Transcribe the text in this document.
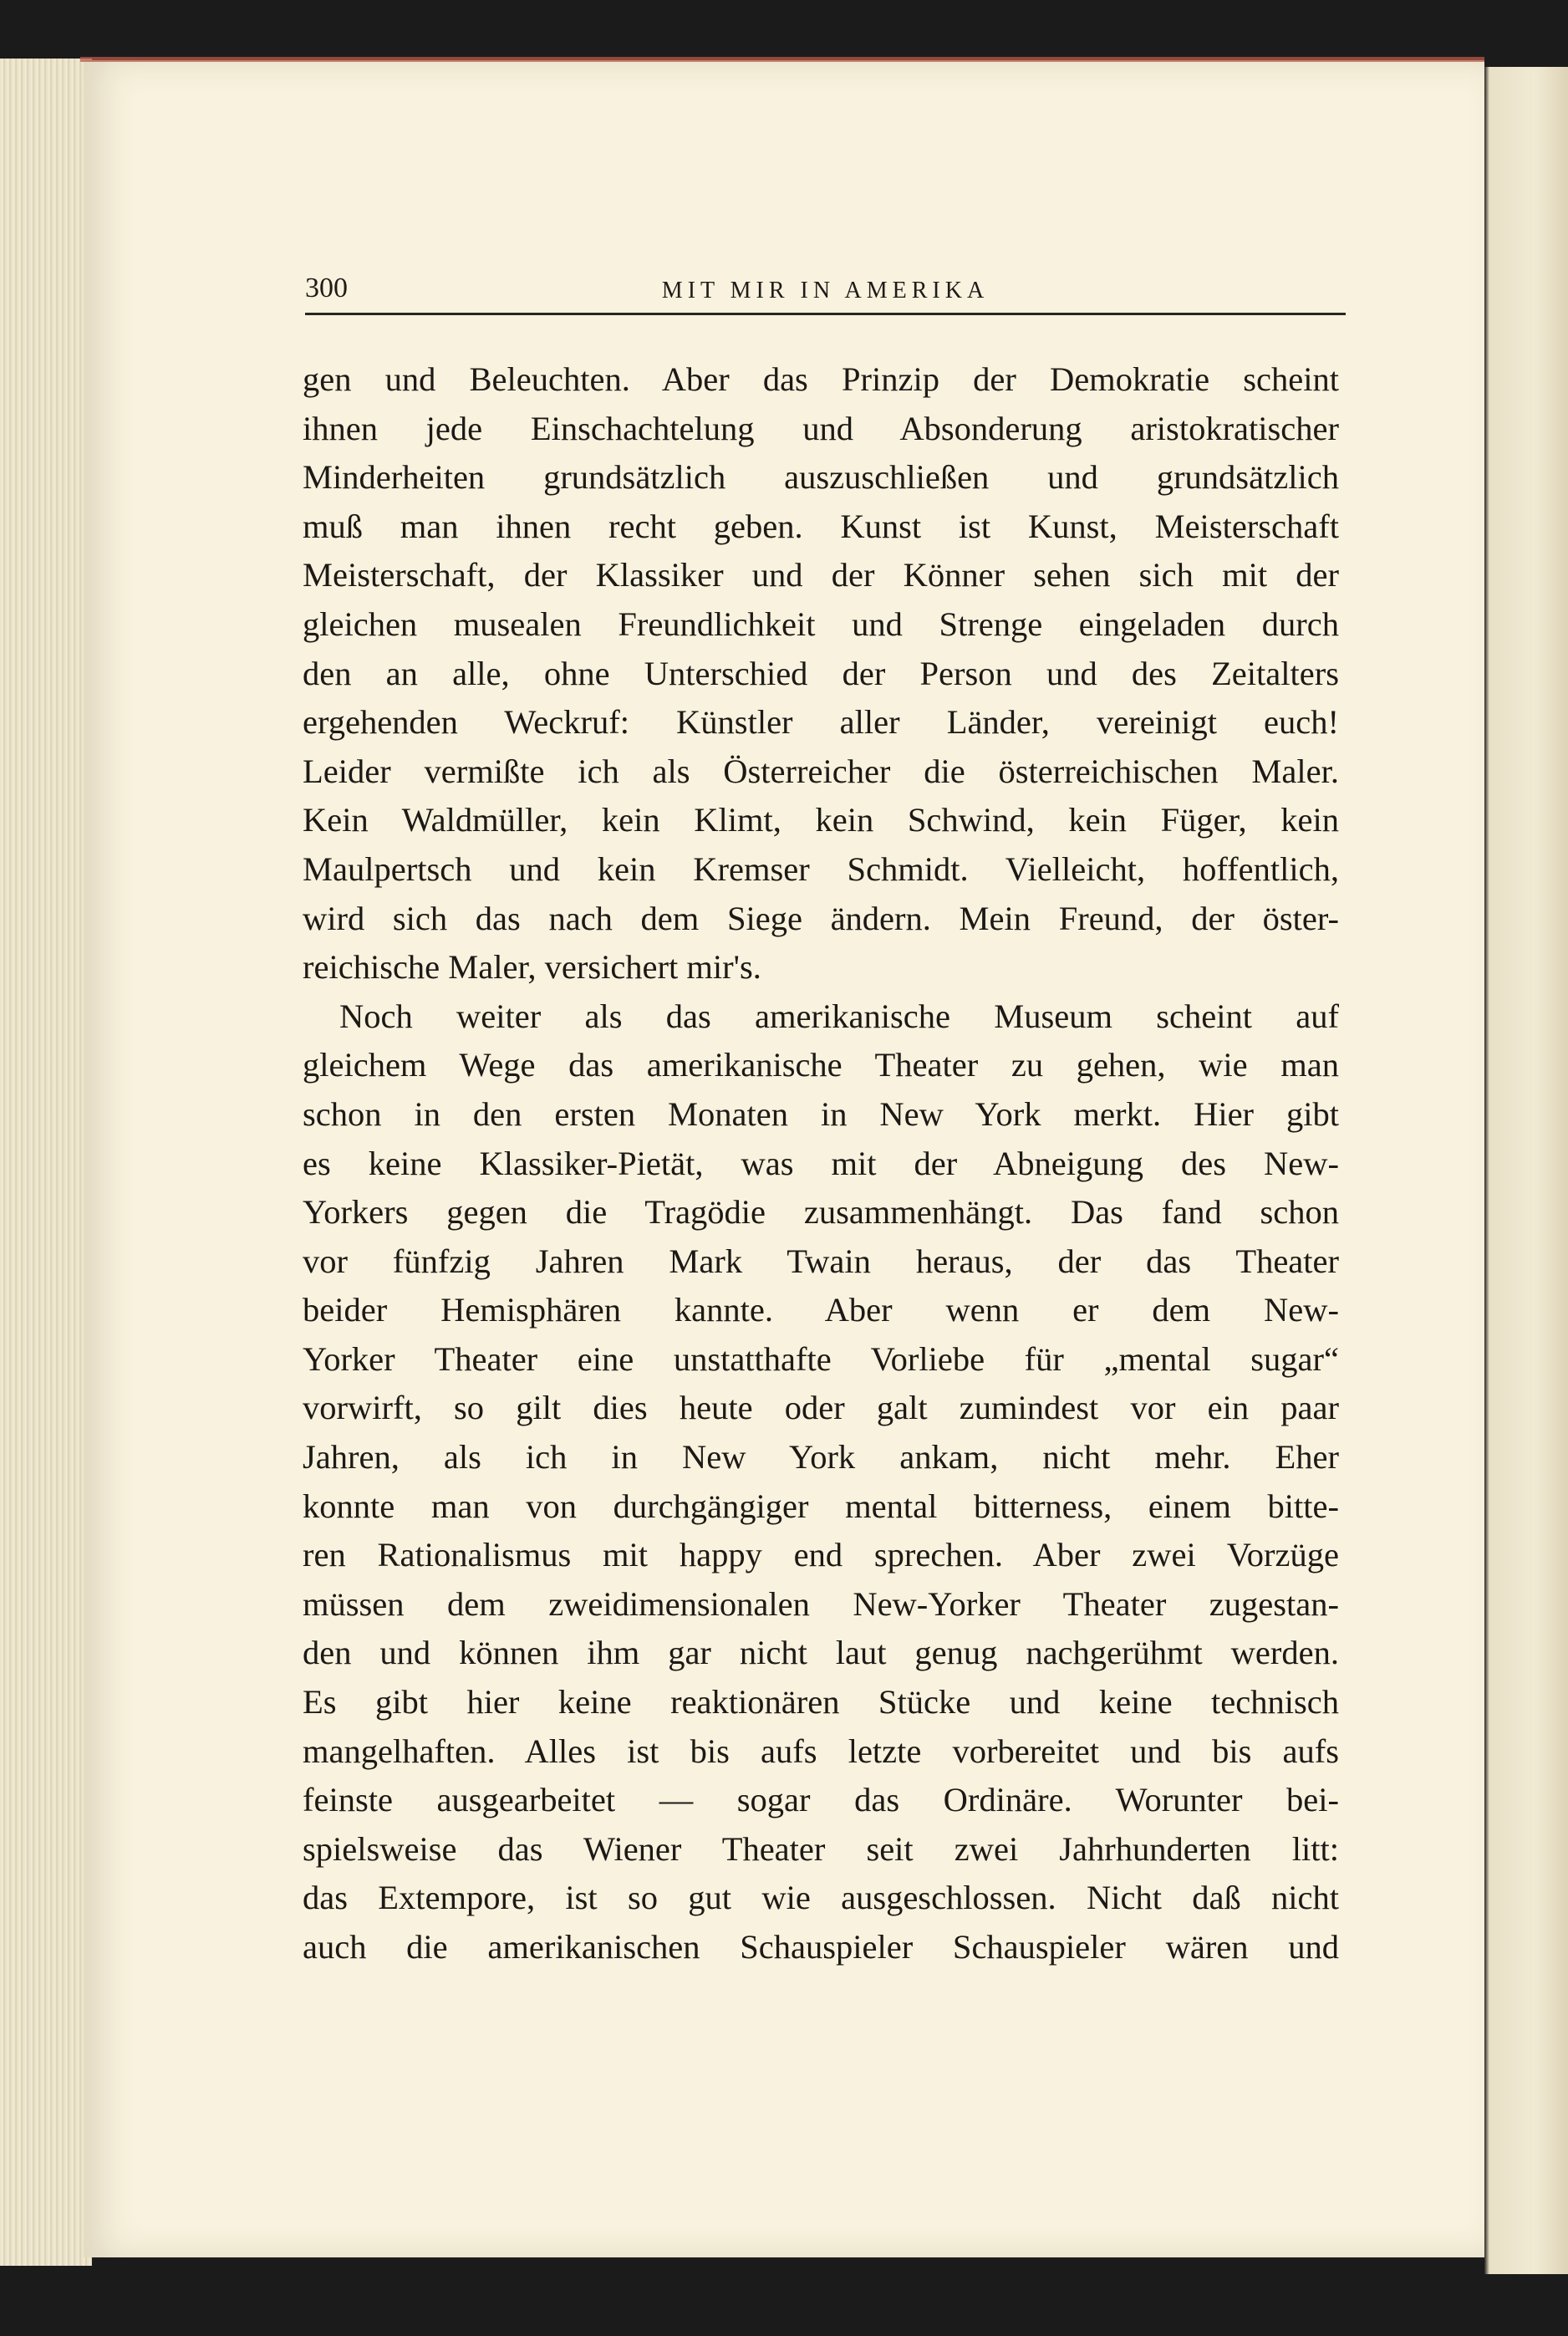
300	MIT MIR IN AMERIKA
gen und Beleuchten. Aber das Prinzip der Demokratie scheint
ihnen jede Einschachtelung und Absonderung aristokratischer
Minderheiten grundsätzlich auszuschließen und grundsätzlich
muß man ihnen recht geben. Kunst ist Kunst, Meisterschaft
Meisterschaft, der Klassiker und der Könner sehen sich mit der
gleichen musealen Freundlichkeit und Strenge eingeladen durch
den an alle, ohne Unterschied der Person und des Zeitalters
ergehenden Weckruf: Künstler aller Länder, vereinigt euch!
Leider vermißte ich als Österreicher die österreichischen Maler.
Kein Waldmüller, kein Klimt, kein Schwind, kein Füger, kein
Maulpertsch und kein Kremser Schmidt. Vielleicht, hoffentlich,
wird sich das nach dem Siege ändern. Mein Freund, der öster-
reichische Maler, versichert mir's.
Noch weiter als das amerikanische Museum scheint auf
gleichem Wege das amerikanische Theater zu gehen, wie man
schon in den ersten Monaten in New York merkt. Hier gibt
es keine Klassiker-Pietät, was mit der Abneigung des New-
Yorkers gegen die Tragödie zusammenhängt. Das fand schon
vor fünfzig Jahren Mark Twain heraus, der das Theater
beider Hemisphären kannte. Aber wenn er dem New-
Yorker Theater eine unstatthafte Vorliebe für „mental sugar“
vorwirft, so gilt dies heute oder galt zumindest vor ein paar
Jahren, als ich in New York ankam, nicht mehr. Eher
konnte man von durchgängiger mental bitterness, einem bitte-
ren Rationalismus mit happy end sprechen. Aber zwei Vorzüge
müssen dem zweidimensionalen New-Yorker Theater zugestan-
den und können ihm gar nicht laut genug nachgerühmt werden.
Es gibt hier keine reaktionären Stücke und keine technisch
mangelhaften. Alles ist bis aufs letzte vorbereitet und bis aufs
feinste ausgearbeitet — sogar das Ordinäre. Worunter bei-
spielsweise das Wiener Theater seit zwei Jahrhunderten litt:
das Extempore, ist so gut wie ausgeschlossen. Nicht daß nicht
auch die amerikanischen Schauspieler Schauspieler wären und
